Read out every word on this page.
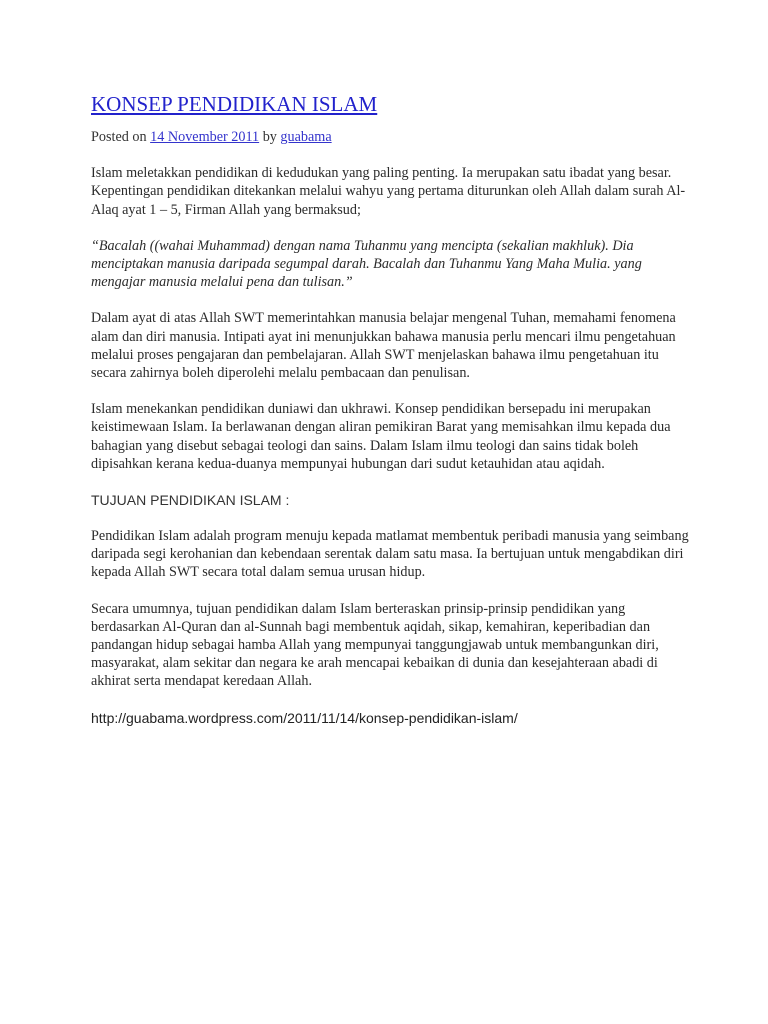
KONSEP PENDIDIKAN ISLAM
Posted on 14 November 2011 by guabama

Islam meletakkan pendidikan di kedudukan yang paling penting. Ia merupakan satu ibadat yang besar. Kepentingan pendidikan ditekankan melalui wahyu yang pertama diturunkan oleh Allah dalam surah Al-Alaq ayat 1 – 5, Firman Allah yang bermaksud;

“Bacalah ((wahai Muhammad) dengan nama Tuhanmu yang mencipta (sekalian makhluk). Dia menciptakan manusia daripada segumpal darah. Bacalah dan Tuhanmu Yang Maha Mulia. yang mengajar manusia melalui pena dan tulisan.”

Dalam ayat di atas Allah SWT memerintahkan manusia belajar mengenal Tuhan, memahami fenomena alam dan diri manusia. Intipati ayat ini menunjukkan bahawa manusia perlu mencari ilmu pengetahuan melalui proses pengajaran dan pembelajaran. Allah SWT menjelaskan bahawa ilmu pengetahuan itu secara zahirnya boleh diperolehi melalu pembacaan dan penulisan.

Islam menekankan pendidikan duniawi dan ukhrawi. Konsep pendidikan bersepadu ini merupakan keistimewaan Islam. Ia berlawanan dengan aliran pemikiran Barat yang memisahkan ilmu kepada dua bahagian yang disebut sebagai teologi dan sains. Dalam Islam ilmu teologi dan sains tidak boleh dipisahkan kerana kedua-duanya mempunyai hubungan dari sudut ketauhidan atau aqidah.

TUJUAN PENDIDIKAN ISLAM :

Pendidikan Islam adalah program menuju kepada matlamat membentuk peribadi manusia yang seimbang daripada segi kerohanian dan kebendaan serentak dalam satu masa. Ia bertujuan untuk mengabdikan diri kepada Allah SWT secara total dalam semua urusan hidup.

Secara umumnya, tujuan pendidikan dalam Islam berteraskan prinsip-prinsip pendidikan yang berdasarkan Al-Quran dan al-Sunnah bagi membentuk aqidah, sikap, kemahiran, keperibadian dan pandangan hidup sebagai hamba Allah yang mempunyai tanggungjawab untuk membangunkan diri, masyarakat, alam sekitar dan negara ke arah mencapai kebaikan di dunia dan kesejahteraan abadi di akhirat serta mendapat keredaan Allah.

http://guabama.wordpress.com/2011/11/14/konsep-pendidikan-islam/
